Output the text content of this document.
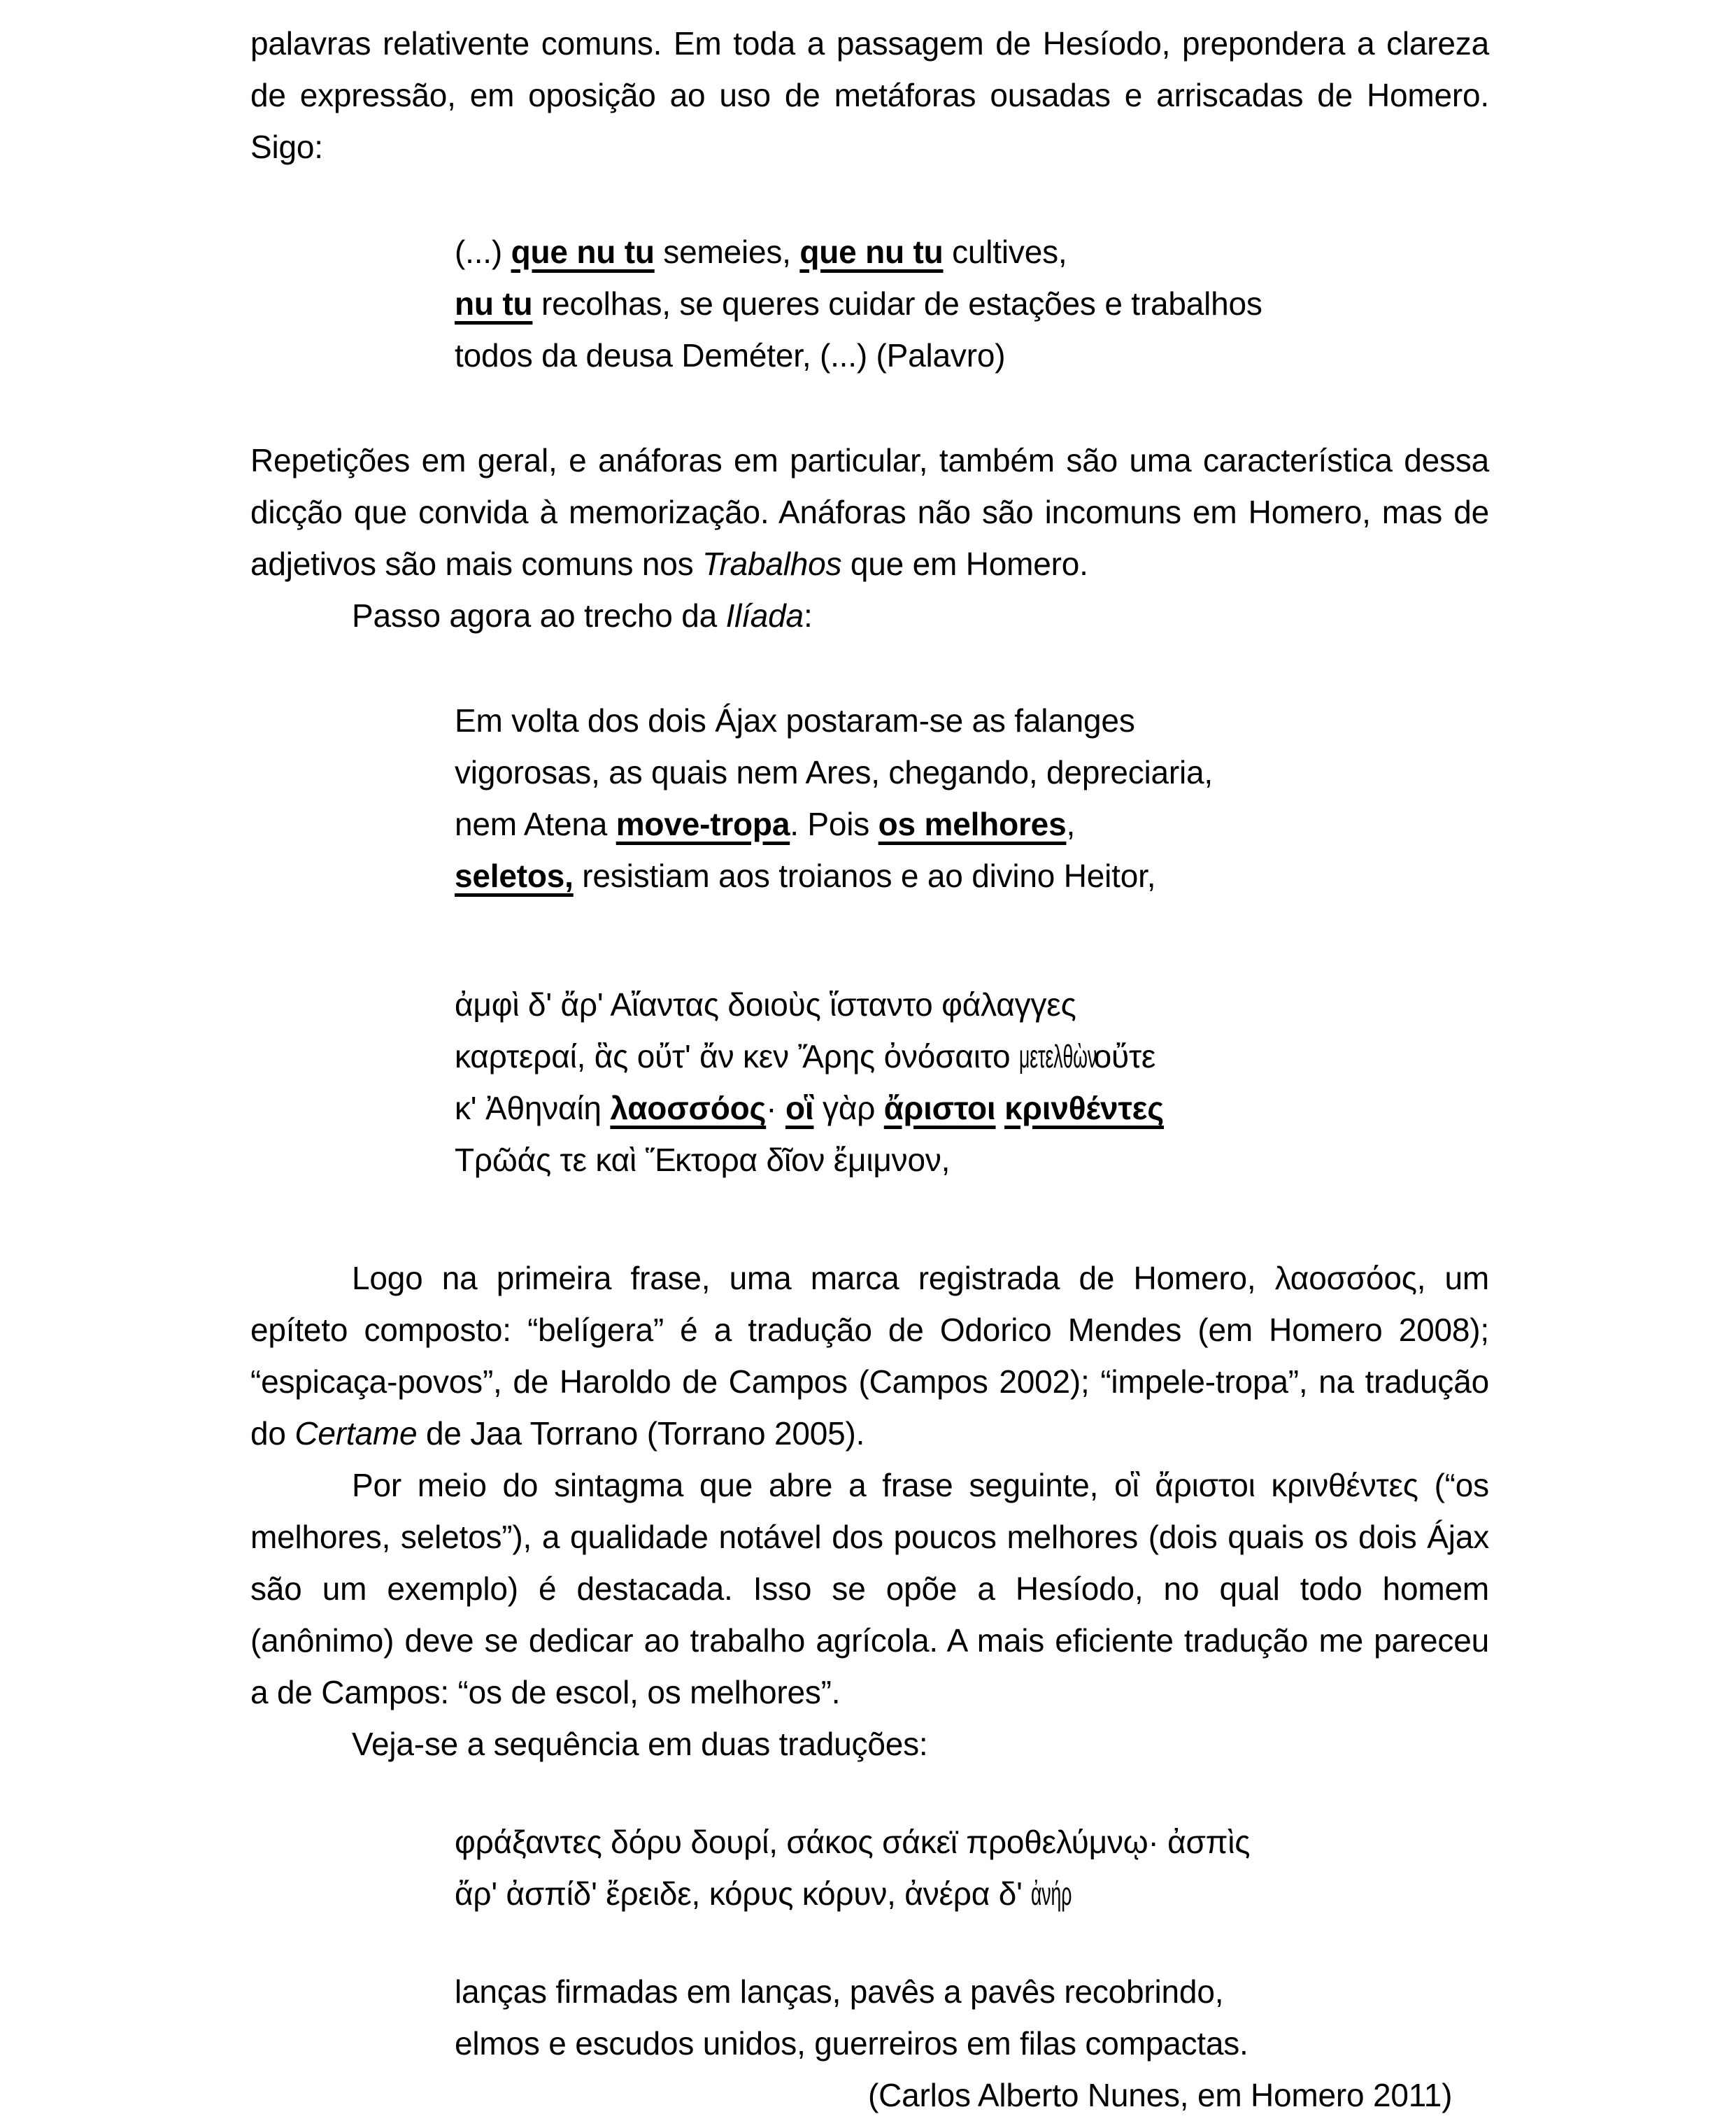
palavras relativente comuns. Em toda a passagem de Hesíodo, prepondera a clareza de expressão, em oposição ao uso de metáforas ousadas e arriscadas de Homero. Sigo:
(...) que nu tu semeies, que nu tu cultives,
nu tu recolhas, se queres cuidar de estações e trabalhos
todos da deusa Deméter, (...) (Palavro)
Repetições em geral, e anáforas em particular, também são uma característica dessa dicção que convida à memorização. Anáforas não são incomuns em Homero, mas de adjetivos são mais comuns nos Trabalhos que em Homero.
Passo agora ao trecho da Ilíada:
Em volta dos dois Ájax postaram-se as falanges
vigorosas, as quais nem Ares, chegando, depreciaria,
nem Atena move-tropa. Pois os melhores,
seletos, resistiam aos troianos e ao divino Heitor,
ἀμφὶ δ' ἄρ' Αἴαντας δοιοὺς ἵσταντο φάλαγγες
καρτεραί, ἃς οὔτ' ἄν κεν Ἄρης ὀνόσαιτο μετελθὼνοὔτε
κ' Ἀθηναίη λαοσσόος· οἳ γὰρ ἄριστοι κρινθέντες
Τρῶάς τε καὶ Ἕκτορα δῖον ἔμιμνον,
Logo na primeira frase, uma marca registrada de Homero, λαοσσόος, um epíteto composto: “belígera” é a tradução de Odorico Mendes (em Homero 2008); “espicaça-povos”, de Haroldo de Campos (Campos 2002); “impele-tropa”, na tradução do Certame de Jaa Torrano (Torrano 2005).
Por meio do sintagma que abre a frase seguinte, οἳ ἄριστοι κρινθέντες (“os melhores, seletos”), a qualidade notável dos poucos melhores (dois quais os dois Ájax são um exemplo) é destacada. Isso se opõe a Hesíodo, no qual todo homem (anônimo) deve se dedicar ao trabalho agrícola. A mais eficiente tradução me pareceu a de Campos: “os de escol, os melhores”.
Veja-se a sequência em duas traduções:
φράξαντες δόρυ δουρί, σάκος σάκεϊ προθελύμνῳ· ἀσπὶς
ἄρ' ἀσπίδ' ἔρειδε, κόρυς κόρυν, ἀνέρα δ' ἀνήρ
lanças firmadas em lanças, pavês a pavês recobrindo,
elmos e escudos unidos, guerreiros em filas compactas.
(Carlos Alberto Nunes, em Homero 2011)
